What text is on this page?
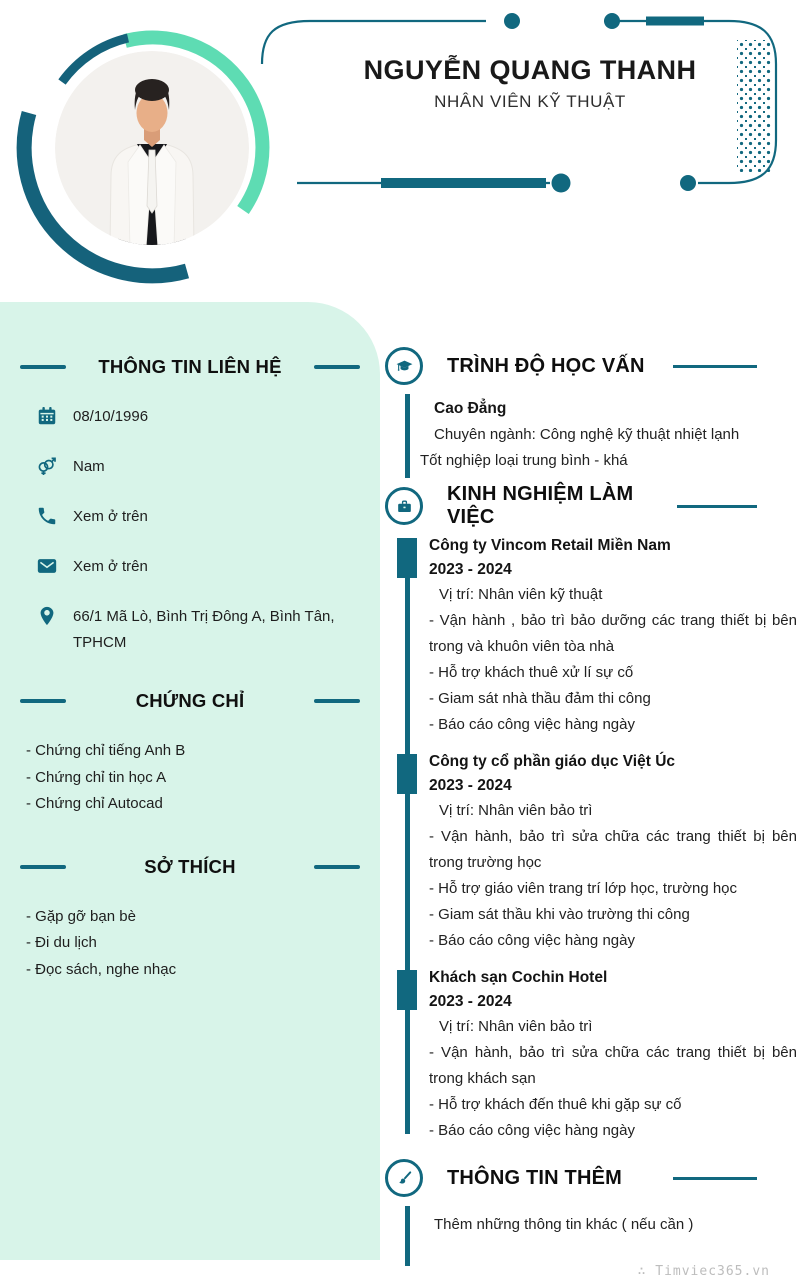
NGUYỄN QUANG THANH
NHÂN VIÊN KỸ THUẬT
THÔNG TIN LIÊN HỆ
08/10/1996
Nam
Xem ở trên
Xem ở trên
66/1 Mã Lò, Bình Trị Đông A, Bình Tân, TPHCM
CHỨNG CHỈ
- Chứng chỉ tiếng Anh B
- Chứng chỉ tin học A
- Chứng chỉ Autocad
SỞ THÍCH
- Gặp gỡ bạn bè
- Đi du lịch
- Đọc sách, nghe nhạc
TRÌNH ĐỘ HỌC VẤN
Cao Đẳng
Chuyên ngành: Công nghệ kỹ thuật nhiệt lạnh
Tốt nghiệp loại trung bình - khá
KINH NGHIỆM LÀM VIỆC
Công ty Vincom Retail Miền Nam
2023 - 2024
Vị trí: Nhân viên kỹ thuật
- Vận hành , bảo trì bảo dưỡng các trang thiết bị bên trong và khuôn viên tòa nhà
- Hỗ trợ khách thuê xử lí sự cố
- Giam sát nhà thầu đảm thi công
- Báo cáo công việc hàng ngày
Công ty cổ phần giáo dục Việt Úc
2023 - 2024
Vị trí: Nhân viên bảo trì
- Vận hành, bảo trì sửa chữa các trang thiết bị bên trong trường học
- Hỗ trợ giáo viên trang trí lớp học, trường học
- Giam sát thầu khi vào trường thi công
- Báo cáo công việc hàng ngày
Khách sạn Cochin Hotel
2023 - 2024
Vị trí: Nhân viên bảo trì
- Vận hành, bảo trì sửa chữa các trang thiết bị bên trong khách sạn
- Hỗ trợ khách đến thuê khi gặp sự cố
- Báo cáo công việc hàng ngày
THÔNG TIN THÊM
Thêm những thông tin khác ( nếu cần )
∴ Timviec365.vn
